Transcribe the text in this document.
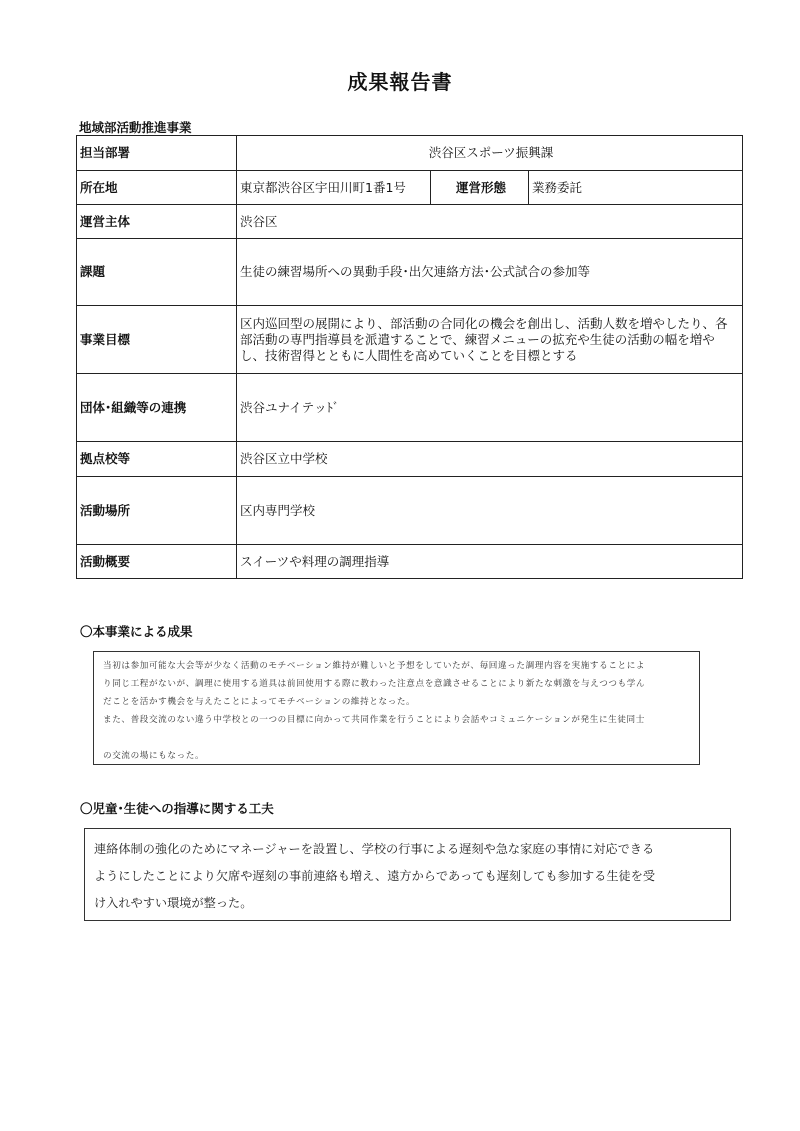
成果報告書
地域部活動推進事業
担当部署	渋谷区スポーツ振興課		
所在地	東京都渋谷区宇田川町1番1号	運営形態	業務委託
運営主体	渋谷区		
課題	生徒の練習場所への異動手段･出欠連絡方法･公式試合の参加等		
事業目標	区内巡回型の展開により、部活動の合同化の機会を創出し、活動人数を増やしたり、各部活動の専門指導員を派遣することで、練習メニューの拡充や生徒の活動の幅を増やし、技術習得とともに人間性を高めていくことを目標とする		
団体･組織等の連携	渋谷ユナイテッﾄﾞ		
拠点校等	渋谷区立中学校		
活動場所	区内専門学校		
活動概要	スイーツや料理の調理指導		
〇本事業による成果
当初は参加可能な大会等が少なく活動のモチベーション維持が難しいと予想をしていたが、毎回違った調理内容を実施することによ
り同じ工程がないが、調理に使用する道具は前回使用する際に教わった注意点を意識させることにより新たな刺激を与えつつも学ん
だことを活かす機会を与えたことによってモチベーションの維持となった。
また、普段交流のない違う中学校との一つの目標に向かって共同作業を行うことにより会話やコミュニケーションが発生に生徒同士
の交流の場にもなった。
〇児童･生徒への指導に関する工夫
連絡体制の強化のためにマネージャーを設置し、学校の行事による遅刻や急な家庭の事情に対応できる
ようにしたことにより欠席や遅刻の事前連絡も増え、遠方からであっても遅刻しても参加する生徒を受
け入れやすい環境が整った。
